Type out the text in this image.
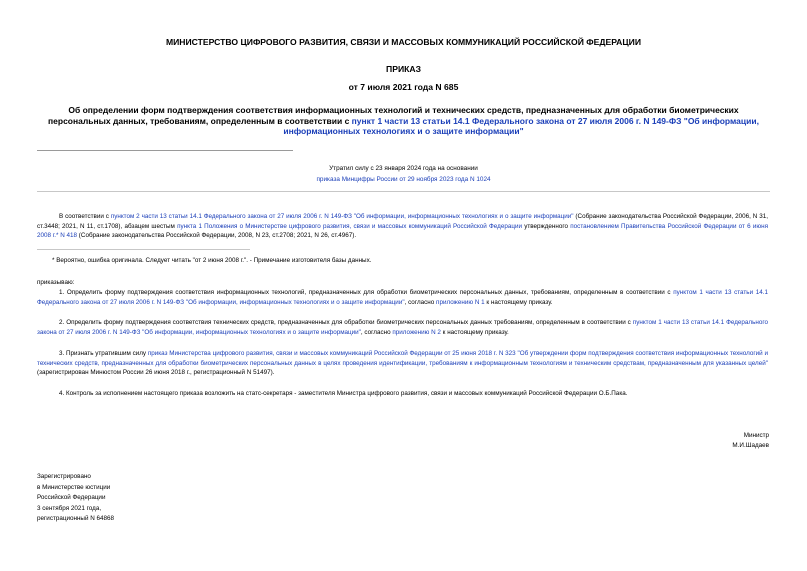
МИНИСТЕРСТВО ЦИФРОВОГО РАЗВИТИЯ, СВЯЗИ И МАССОВЫХ КОММУНИКАЦИЙ РОССИЙСКОЙ ФЕДЕРАЦИИ
ПРИКАЗ
от 7 июля 2021 года N 685
Об определении форм подтверждения соответствия информационных технологий и технических средств, предназначенных для обработки биометрических персональных данных, требованиям, определенным в соответствии с пункт 1 части 13 статьи 14.1 Федерального закона от 27 июля 2006 г. N 149-ФЗ "Об информации, информационных технологиях и о защите информации"
Утратил силу с 23 января 2024 года на основании
приказа Минцифры России от 29 ноября 2023 года N 1024
В соответствии с пунктом 2 части 13 статьи 14.1 Федерального закона от 27 июля 2006 г. N 149-ФЗ "Об информации, информационных технологиях и о защите информации" (Собрание законодательства Российской Федерации, 2006, N 31, ст.3448; 2021, N 11, ст.1708), абзацем шестым пункта 1 Положения о Министерстве цифрового развития, связи и массовых коммуникаций Российской Федерации утвержденного постановлением Правительства Российской Федерации от 6 июня 2008 г.* N 418 (Собрание законодательства Российской Федерации, 2008, N 23, ст.2708; 2021, N 26, ст.4967).
* Вероятно, ошибка оригинала. Следует читать "от 2 июня 2008 г.". - Примечание изготовителя базы данных.
приказываю:
1. Определить форму подтверждения соответствия информационных технологий, предназначенных для обработки биометрических персональных данных, требованиям, определенным в соответствии с пунктом 1 части 13 статьи 14.1 Федерального закона от 27 июля 2006 г. N 149-ФЗ "Об информации, информационных технологиях и о защите информации", согласно приложению N 1 к настоящему приказу.
2. Определить форму подтверждения соответствия технических средств, предназначенных для обработки биометрических персональных данных требованиям, определенным в соответствии с пунктом 1 части 13 статьи 14.1 Федерального закона от 27 июля 2006 г. N 149-ФЗ "Об информации, информационных технологиях и о защите информации", согласно приложению N 2 к настоящему приказу.
3. Признать утратившим силу приказ Министерства цифрового развития, связи и массовых коммуникаций Российской Федерации от 25 июня 2018 г. N 323 "Об утверждении форм подтверждения соответствия информационных технологий и технических средств, предназначенных для обработки биометрических персональных данных в целях проведения идентификации, требованиям к информационным технологиям и техническим средствам, предназначенным для указанных целей" (зарегистрирован Минюстом России 26 июня 2018 г., регистрационный N 51497).
4. Контроль за исполнением настоящего приказа возложить на статс-секретаря - заместителя Министра цифрового развития, связи и массовых коммуникаций Российской Федерации О.Б.Пака.
Министр
М.И.Шадаев
Зарегистрировано
в Министерстве юстиции
Российской Федерации
3 сентября 2021 года,
регистрационный N 64868
